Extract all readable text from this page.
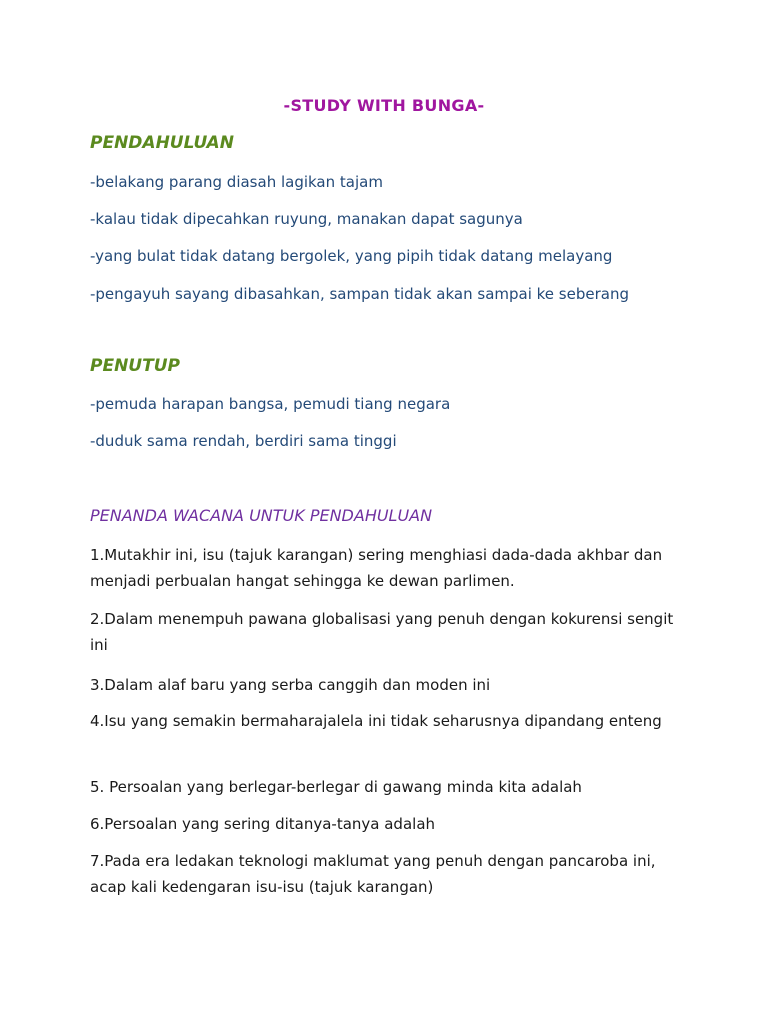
-STUDY WITH BUNGA-
PENDAHULUAN
-belakang parang diasah lagikan tajam
-kalau tidak dipecahkan ruyung, manakan dapat sagunya
-yang bulat tidak datang bergolek, yang pipih tidak datang melayang
-pengayuh sayang dibasahkan, sampan tidak akan sampai ke seberang
PENUTUP
-pemuda harapan bangsa, pemudi tiang negara
-duduk sama rendah, berdiri sama tinggi
PENANDA WACANA UNTUK PENDAHULUAN
1.Mutakhir ini, isu (tajuk karangan) sering menghiasi dada-dada akhbar dan menjadi perbualan hangat sehingga ke dewan parlimen.
2.Dalam menempuh pawana globalisasi yang penuh dengan kokurensi sengit ini
3.Dalam alaf baru yang serba canggih dan moden ini
4.Isu yang semakin bermaharajalela ini tidak seharusnya dipandang enteng
5. Persoalan yang berlegar-berlegar di gawang minda kita adalah
6.Persoalan yang sering ditanya-tanya adalah
7.Pada era ledakan teknologi maklumat yang penuh dengan pancaroba ini, acap kali kedengaran isu-isu (tajuk karangan)
